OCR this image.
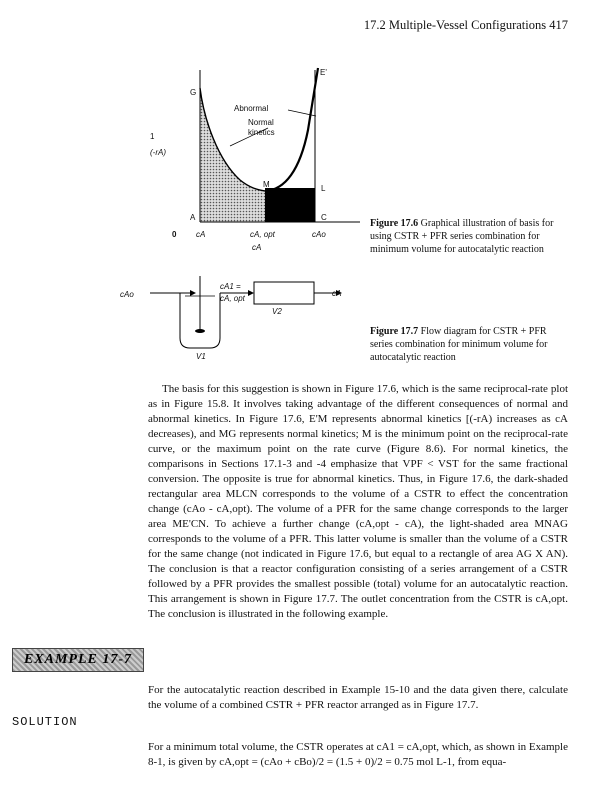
17.2 Multiple-Vessel Configurations 417
1
(-rA)
G
E'
M	L
A	C
Abnormal
Normal
kinetics
0 cA	cA, opt	cAo
cA
Figure 17.6 Graphical illustration of basis for using CSTR + PFR series combination for minimum volume for autocatalytic reaction
cAo
cA1 =
cA, opt
cA
V2
V1
Figure 17.7 Flow diagram for CSTR + PFR series combination for minimum volume for autocatalytic reaction
The basis for this suggestion is shown in Figure 17.6, which is the same reciprocal-rate plot as in Figure 15.8. It involves taking advantage of the different consequences of normal and abnormal kinetics. In Figure 17.6, E'M represents abnormal kinetics [(-rA) increases as cA decreases), and MG represents normal kinetics; M is the minimum point on the reciprocal-rate curve, or the maximum point on the rate curve (Figure 8.6). For normal kinetics, the comparisons in Sections 17.1-3 and -4 emphasize that VPF < VST for the same fractional conversion. The opposite is true for abnormal kinetics. Thus, in Figure 17.6, the dark-shaded rectangular area MLCN corresponds to the volume of a CSTR to effect the concentration change (cAo - cA,opt). The volume of a PFR for the same change corresponds to the larger area ME'CN. To achieve a further change (cA,opt - cA), the light-shaded area MNAG corresponds to the volume of a PFR. This latter volume is smaller than the volume of a CSTR for the same change (not indicated in Figure 17.6, but equal to a rectangle of area AG X AN). The conclusion is that a reactor configuration consisting of a series arrangement of a CSTR followed by a PFR provides the smallest possible (total) volume for an autocatalytic reaction. This arrangement is shown in Figure 17.7. The outlet concentration from the CSTR is cA,opt. The conclusion is illustrated in the following example.
EXAMPLE 17-7
For the autocatalytic reaction described in Example 15-10 and the data given there, calculate the volume of a combined CSTR + PFR reactor arranged as in Figure 17.7.
SOLUTION
For a minimum total volume, the CSTR operates at cA1 = cA,opt, which, as shown in Example 8-1, is given by cA,opt = (cAo + cBo)/2 = (1.5 + 0)/2 = 0.75 mol L-1, from equa-
